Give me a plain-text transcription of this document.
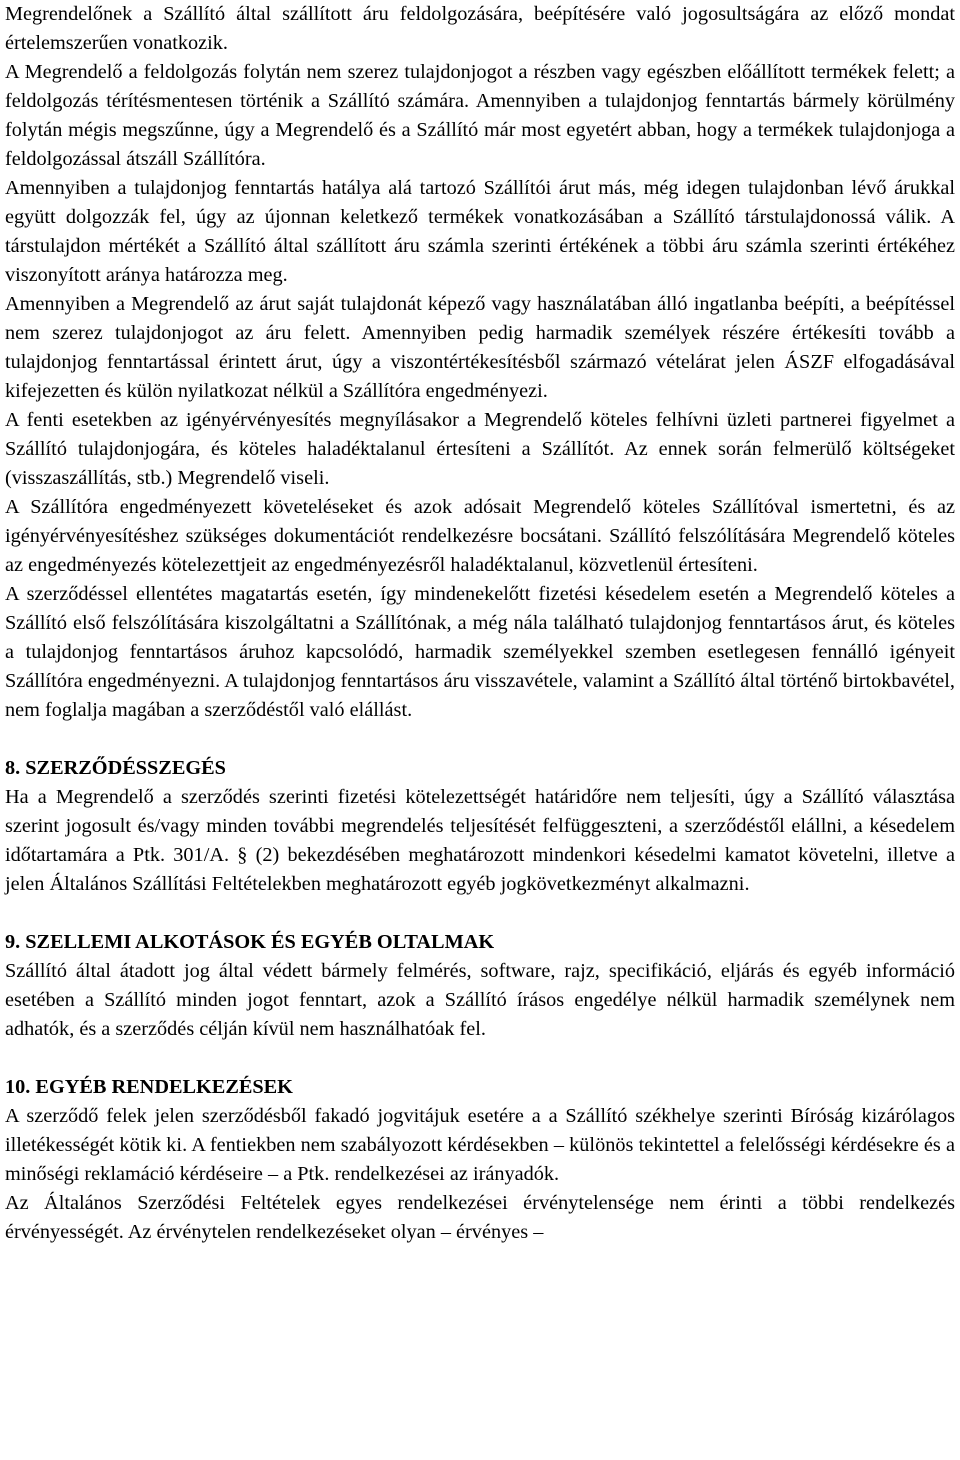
Megrendelőnek a Szállító által szállított áru feldolgozására, beépítésére való jogosultságára az előző mondat értelemszerűen vonatkozik.

A Megrendelő a feldolgozás folytán nem szerez tulajdonjogot a részben vagy egészben előállított termékek felett; a feldolgozás térítésmentesen történik a Szállító számára. Amennyiben a tulajdonjog fenntartás bármely körülmény folytán mégis megszűnne, úgy a Megrendelő és a Szállító már most egyetért abban, hogy a termékek tulajdonjoga a feldolgozással átszáll Szállítóra.

Amennyiben a tulajdonjog fenntartás hatálya alá tartozó Szállítói árut más, még idegen tulajdonban lévő árukkal együtt dolgozzák fel, úgy az újonnan keletkező termékek vonatkozásában a Szállító társtulajdonossá válik. A társtulajdon mértékét a Szállító által szállított áru számla szerinti értékének a többi áru számla szerinti értékéhez viszonyított aránya határozza meg.

Amennyiben a Megrendelő az árut saját tulajdonát képező vagy használatában álló ingatlanba beépíti, a beépítéssel nem szerez tulajdonjogot az áru felett. Amennyiben pedig harmadik személyek részére értékesíti tovább a tulajdonjog fenntartással érintett árut, úgy a viszontértékesítésből származó vételárat jelen ÁSZF elfogadásával kifejezetten és külön nyilatkozat nélkül a Szállítóra engedményezi.

A fenti esetekben az igényérvényesítés megnyílásakor a Megrendelő köteles felhívni üzleti partnerei figyelmet a Szállító tulajdonjogára, és köteles haladéktalanul értesíteni a Szállítót. Az ennek során felmerülő költségeket (visszaszállítás, stb.) Megrendelő viseli.

A Szállítóra engedményezett követeléseket és azok adósait Megrendelő köteles Szállítóval ismertetni, és az igényérvényesítéshez szükséges dokumentációt rendelkezésre bocsátani. Szállító felszólítására Megrendelő köteles az engedményezés kötelezettjeit az engedményezésről haladéktalanul, közvetlenül értesíteni.

A szerződéssel ellentétes magatartás esetén, így mindenekelőtt fizetési késedelem esetén a Megrendelő köteles a Szállító első felszólítására kiszolgáltatni a Szállítónak, a még nála található tulajdonjog fenntartásos árut, és köteles a tulajdonjog fenntartásos áruhoz kapcsolódó, harmadik személyekkel szemben esetlegesen fennálló igényeit Szállítóra engedményezni. A tulajdonjog fenntartásos áru visszavétele, valamint a Szállító által történő birtokbavétel, nem foglalja magában a szerződéstől való elállást.

8. SZERZŐDÉSSZEGÉS

Ha a Megrendelő a szerződés szerinti fizetési kötelezettségét határidőre nem teljesíti, úgy a Szállító választása szerint jogosult és/vagy minden további megrendelés teljesítését felfüggeszteni, a szerződéstől elállni, a késedelem időtartamára a Ptk. 301/A. § (2) bekezdésében meghatározott mindenkori késedelmi kamatot követelni, illetve a jelen Általános Szállítási Feltételekben meghatározott egyéb jogkövetkezményt alkalmazni.

9. SZELLEMI ALKOTÁSOK ÉS EGYÉB OLTALMAK

Szállító által átadott jog által védett bármely felmérés, software, rajz, specifikáció, eljárás és egyéb információ esetében a Szállító minden jogot fenntart, azok a Szállító írásos engedélye nélkül harmadik személynek nem adhatók, és a szerződés célján kívül nem használhatóak fel.

10. EGYÉB RENDELKEZÉSEK

A szerződő felek jelen szerződésből fakadó jogvitájuk esetére a a Szállító székhelye szerinti Bíróság kizárólagos illetékességét kötik ki. A fentiekben nem szabályozott kérdésekben – különös tekintettel a felelősségi kérdésekre és a minőségi reklamáció kérdéseire – a Ptk. rendelkezései az irányadók.

Az Általános Szerződési Feltételek egyes rendelkezései érvénytelensége nem érinti a többi rendelkezés érvényességét. Az érvénytelen rendelkezéseket olyan – érvényes –
